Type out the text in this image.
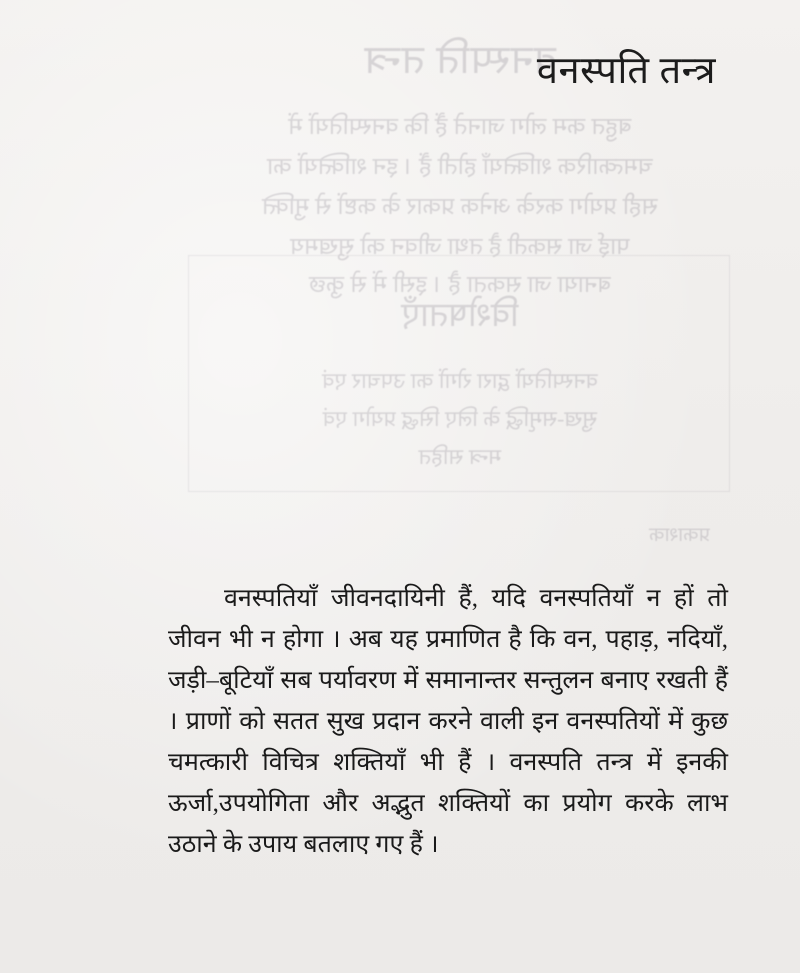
वनस्पति तन्त्र
बहुत कम लोग जानते हैं कि वनस्पतियों में
चमत्कारिक शक्तियाँ होती हैं । इन शक्तियों का
सही प्रयोग करके अनेक प्रकार के कष्टों से मुक्ति
पाई जा सकती है तथा जीवन को सुखमय
बनाया जा सकता है । इसी में से कुछ
विशेषताएँ
वनस्पतियों द्वारा रोगों का उपचार एवं
सुख-समृद्धि के लिए सिद्ध प्रयोग एवं
मन्त्र सहित
प्रकाशक
वनस्पति तन्त्र

वनस्पतियाँ जीवनदायिनी हैं, यदि वनस्पतियाँ न हों तो जीवन भी न होगा । अब यह प्रमाणित है कि वन, पहाड़, नदियाँ, जड़ी–बूटियाँ सब पर्यावरण में समानान्तर सन्तुलन बनाए रखती हैं । प्राणों को सतत सुख प्रदान करने वाली इन वनस्पतियों में कुछ चमत्कारी विचित्र शक्तियाँ भी हैं । वनस्पति तन्त्र में इनकी ऊर्जा,उपयोगिता और अद्भुत शक्तियों का प्रयोग करके लाभ उठाने के उपाय बतलाए गए हैं ।
